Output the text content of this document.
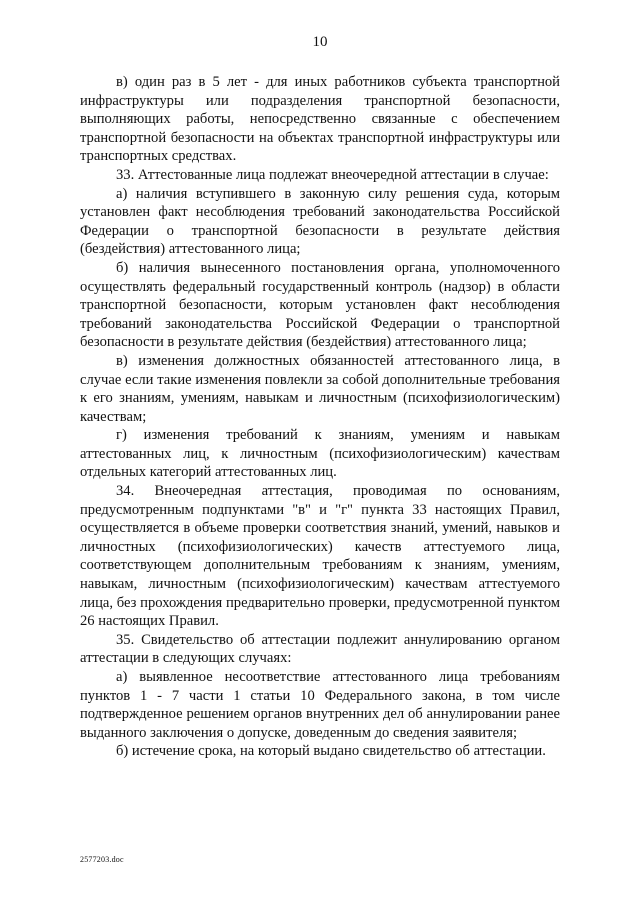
10

в) один раз в 5 лет - для иных работников субъекта транспортной инфраструктуры или подразделения транспортной безопасности, выполняющих работы, непосредственно связанные с обеспечением транспортной безопасности на объектах транспортной инфраструктуры или транспортных средствах.

33. Аттестованные лица подлежат внеочередной аттестации в случае:

а) наличия вступившего в законную силу решения суда, которым установлен факт несоблюдения требований законодательства Российской Федерации о транспортной безопасности в результате действия (бездействия) аттестованного лица;

б) наличия вынесенного постановления органа, уполномоченного осуществлять федеральный государственный контроль (надзор) в области транспортной безопасности, которым установлен факт несоблюдения требований законодательства Российской Федерации о транспортной безопасности в результате действия (бездействия) аттестованного лица;

в) изменения должностных обязанностей аттестованного лица, в случае если такие изменения повлекли за собой дополнительные требования к его знаниям, умениям, навыкам и личностным (психофизиологическим) качествам;

г) изменения требований к знаниям, умениям и навыкам аттестованных лиц, к личностным (психофизиологическим) качествам отдельных категорий аттестованных лиц.

34. Внеочередная аттестация, проводимая по основаниям, предусмотренным подпунктами "в" и "г" пункта 33 настоящих Правил, осуществляется в объеме проверки соответствия знаний, умений, навыков и личностных (психофизиологических) качеств аттестуемого лица, соответствующем дополнительным требованиям к знаниям, умениям, навыкам, личностным (психофизиологическим) качествам аттестуемого лица, без прохождения предварительно проверки, предусмотренной пунктом 26 настоящих Правил.

35. Свидетельство об аттестации подлежит аннулированию органом аттестации в следующих случаях:

а) выявленное несоответствие аттестованного лица требованиям пунктов 1 - 7 части 1 статьи 10 Федерального закона, в том числе подтвержденное решением органов внутренних дел об аннулировании ранее выданного заключения о допуске, доведенным до сведения заявителя;

б) истечение срока, на который выдано свидетельство об аттестации.

2577203.doc
